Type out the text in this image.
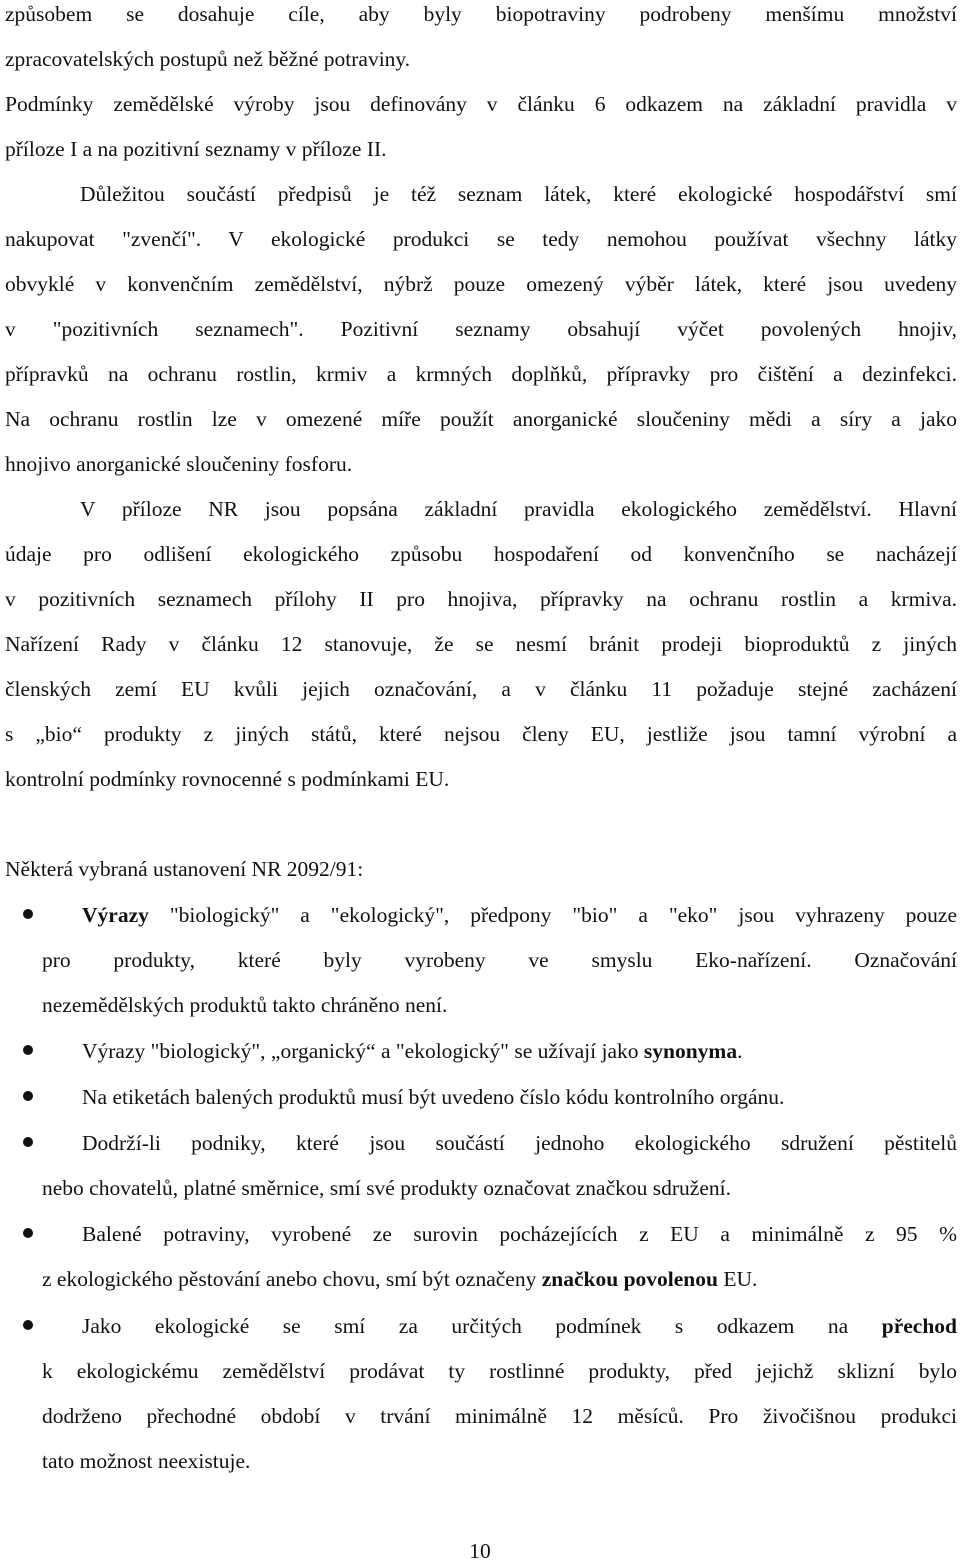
způsobem se dosahuje cíle, aby byly biopotraviny podrobeny menšímu množství
zpracovatelských postupů než běžné potraviny.
Podmínky zemědělské výroby jsou definovány v článku 6 odkazem na základní pravidla v
příloze I a na pozitivní seznamy v příloze II.
Důležitou součástí předpisů je též seznam látek, které ekologické hospodářství smí
nakupovat "zvenčí". V ekologické produkci se tedy nemohou používat všechny látky
obvyklé v konvenčním zemědělství, nýbrž pouze omezený výběr látek, které jsou uvedeny
v "pozitivních seznamech". Pozitivní seznamy obsahují výčet povolených hnojiv,
přípravků na ochranu rostlin, krmiv a krmných doplňků, přípravky pro čištění a dezinfekci.
Na ochranu rostlin lze v omezené míře použít anorganické sloučeniny mědi a síry a jako
hnojivo anorganické sloučeniny fosforu.
V příloze NR jsou popsána základní pravidla ekologického zemědělství. Hlavní
údaje pro odlišení ekologického způsobu hospodaření od konvenčního se nacházejí
v pozitivních seznamech přílohy II pro hnojiva, přípravky na ochranu rostlin a krmiva.
Nařízení Rady v článku 12 stanovuje, že se nesmí bránit prodeji bioproduktů z jiných
členských zemí EU kvůli jejich označování, a v článku 11 požaduje stejné zacházení
s „bio“ produkty z jiných států, které nejsou členy EU, jestliže jsou tamní výrobní a
kontrolní podmínky rovnocenné s podmínkami EU.
Některá vybraná ustanovení NR 2092/91:
Výrazy "biologický" a "ekologický", předpony "bio" a "eko" jsou vyhrazeny pouze
pro produkty, které byly vyrobeny ve smyslu Eko-nařízení. Označování
nezemědělských produktů takto chráněno není.
Výrazy "biologický", „organický“ a "ekologický" se užívají jako synonyma.
Na etiketách balených produktů musí být uvedeno číslo kódu kontrolního orgánu.
Dodrží-li podniky, které jsou součástí jednoho ekologického sdružení pěstitelů
nebo chovatelů, platné směrnice, smí své produkty označovat značkou sdružení.
Balené potraviny, vyrobené ze surovin pocházejících z EU a minimálně z 95 %
z ekologického pěstování anebo chovu, smí být označeny značkou povolenou EU.
Jako ekologické se smí za určitých podmínek s odkazem na přechod
k ekologickému zemědělství prodávat ty rostlinné produkty, před jejichž sklizní bylo
dodrženo přechodné období v trvání minimálně 12 měsíců. Pro živočišnou produkci
tato možnost neexistuje.
10
